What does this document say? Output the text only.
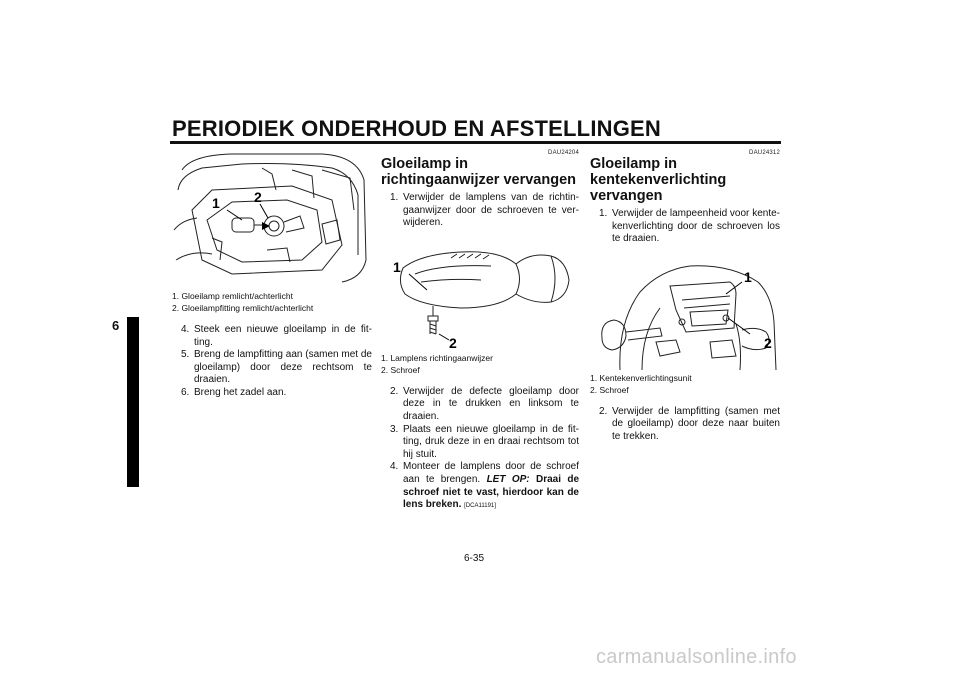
PERIODIEK ONDERHOUD EN AFSTELLINGEN
6
1 2
1. Gloeilamp remlicht/achterlicht
2. Gloeilampfitting remlicht/achterlicht
4. Steek een nieuwe gloeilamp in de fit-ting.
5. Breng de lampfitting aan (samen met de gloeilamp) door deze rechtsom te draaien.
6. Breng het zadel aan.
DAU24204
Gloeilamp in richtingaanwijzer vervangen
1. Verwijder de lamplens van de richtin-gaanwijzer door de schroeven te ver-wijderen.
1
2
1. Lamplens richtingaanwijzer
2. Schroef
2. Verwijder de defecte gloeilamp door deze in te drukken en linksom te draaien.
3. Plaats een nieuwe gloeilamp in de fit-ting, druk deze in en draai rechtsom tot hij stuit.
4. Monteer de lamplens door de schroef aan te brengen. LET OP: Draai de schroef niet te vast, hierdoor kan de lens breken. [DCA11191]
DAU24312
Gloeilamp in kentekenverlichting vervangen
1. Verwijder de lampeenheid voor kente-kenverlichting door de schroeven los te draaien.
1
2
1. Kentekenverlichtingsunit
2. Schroef
2. Verwijder de lampfitting (samen met de gloeilamp) door deze naar buiten te trekken.
6-35
carmanualsonline.info
